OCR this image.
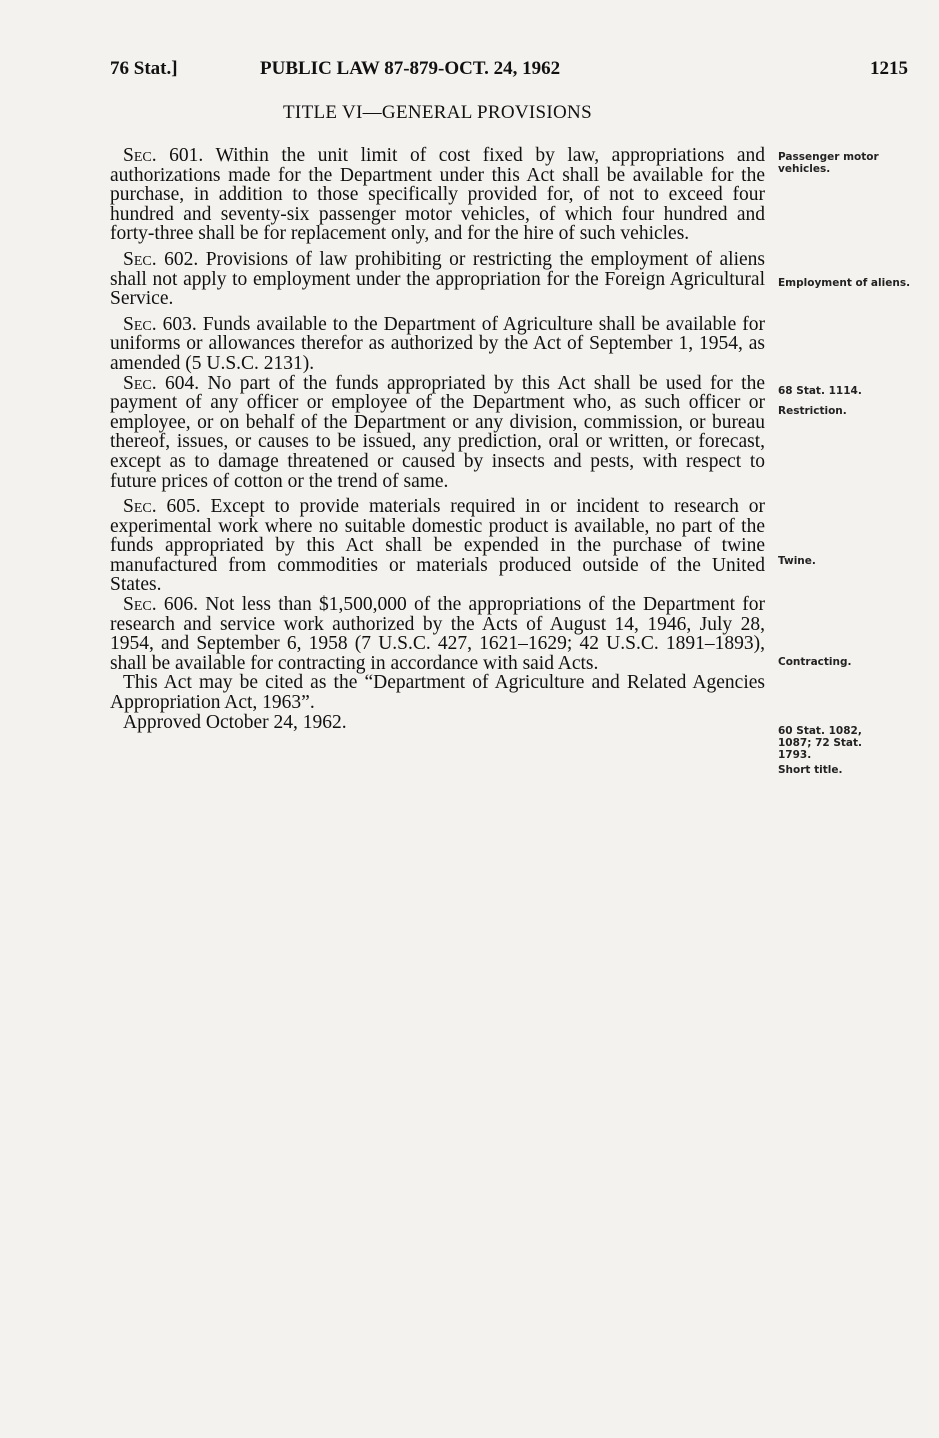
76 Stat.]	PUBLIC LAW 87-879-OCT. 24, 1962	1215
TITLE VI—GENERAL PROVISIONS

Sec. 601. Within the unit limit of cost fixed by law, appropriations and authorizations made for the Department under this Act shall be available for the purchase, in addition to those specifically provided for, of not to exceed four hundred and seventy-six passenger motor vehicles, of which four hundred and forty-three shall be for replacement only, and for the hire of such vehicles.

Sec. 602. Provisions of law prohibiting or restricting the employment of aliens shall not apply to employment under the appropriation for the Foreign Agricultural Service.

Sec. 603. Funds available to the Department of Agriculture shall be available for uniforms or allowances therefor as authorized by the Act of September 1, 1954, as amended (5 U.S.C. 2131).

Sec. 604. No part of the funds appropriated by this Act shall be used for the payment of any officer or employee of the Department who, as such officer or employee, or on behalf of the Department or any division, commission, or bureau thereof, issues, or causes to be issued, any prediction, oral or written, or forecast, except as to damage threatened or caused by insects and pests, with respect to future prices of cotton or the trend of same.

Sec. 605. Except to provide materials required in or incident to research or experimental work where no suitable domestic product is available, no part of the funds appropriated by this Act shall be expended in the purchase of twine manufactured from commodities or materials produced outside of the United States.

Sec. 606. Not less than $1,500,000 of the appropriations of the Department for research and service work authorized by the Acts of August 14, 1946, July 28, 1954, and September 6, 1958 (7 U.S.C. 427, 1621–1629; 42 U.S.C. 1891–1893), shall be available for contracting in accordance with said Acts.

This Act may be cited as the “Department of Agriculture and Related Agencies Appropriation Act, 1963”.

Approved October 24, 1962.

Passenger motor vehicles.
Employment of aliens.
68 Stat. 1114.
Restriction.
Twine.
Contracting.
60 Stat. 1082, 1087; 72 Stat. 1793.
Short title.
